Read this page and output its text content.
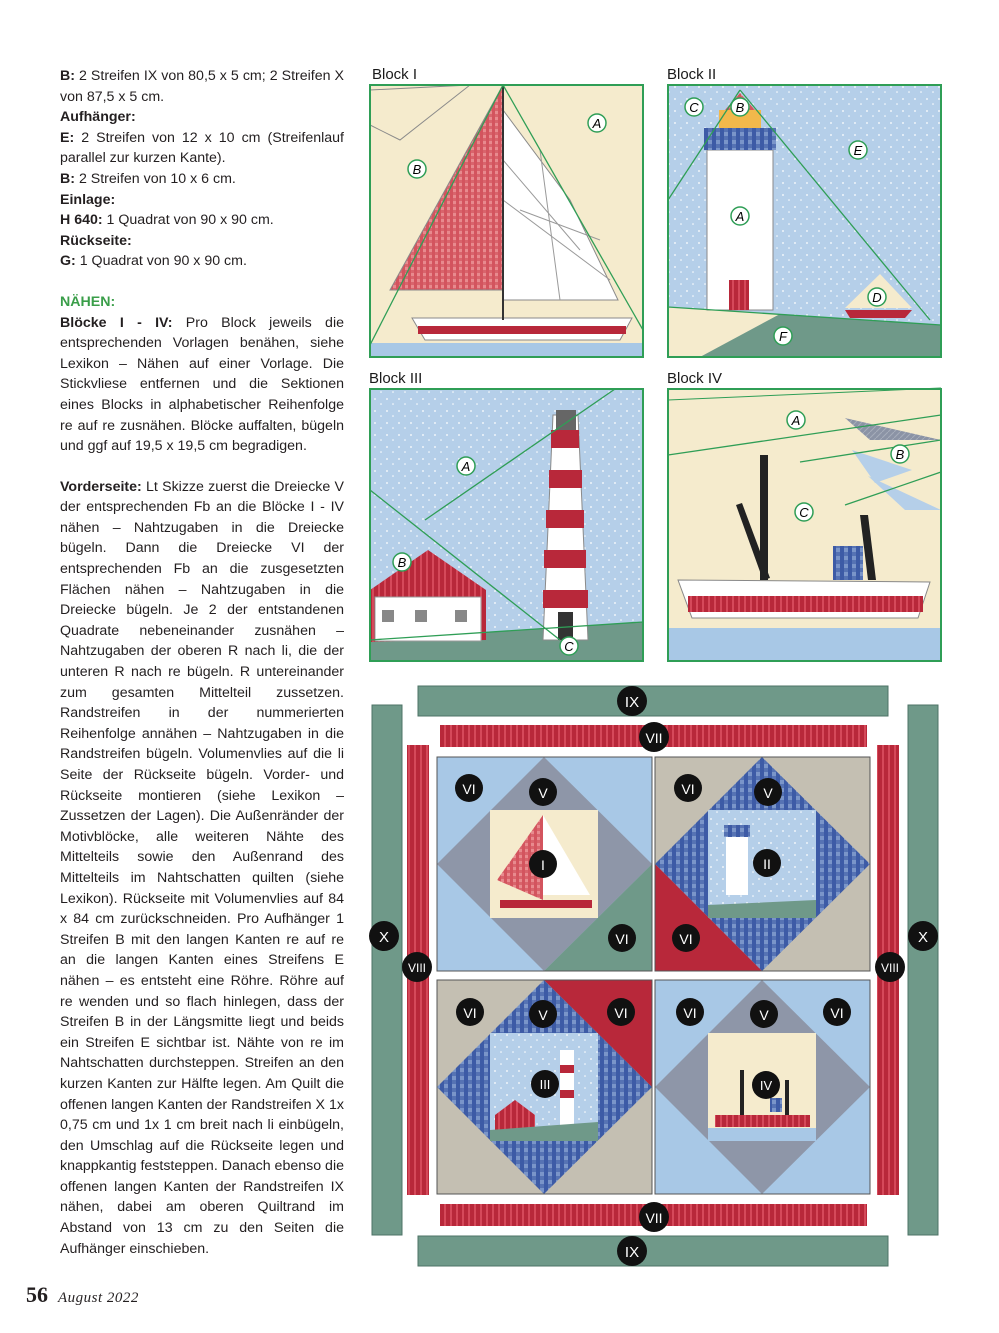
B: 2 Streifen IX von 80,5 x 5 cm; 2 Streifen X von 87,5 x 5 cm.

Aufhänger:

E: 2 Streifen von 12 x 10 cm (Streifenlauf parallel zur kurzen Kante).

B: 2 Streifen von 10 x 6 cm.

Einlage:

H 640: 1 Quadrat von 90 x 90 cm.

Rückseite:

G: 1 Quadrat von 90 x 90 cm.

NÄHEN:

Blöcke I - IV: Pro Block jeweils die entsprechenden Vorlagen benähen, siehe Lexikon – Nähen auf einer Vorlage. Die Stickvliese entfernen und die Sektionen eines Blocks in alphabetischer Reihenfolge re auf re zusnähen. Blöcke auffalten, bügeln und ggf auf 19,5 x 19,5 cm begradigen.

Vorderseite: Lt Skizze zuerst die Dreiecke V der entsprechenden Fb an die Blöcke I - IV nähen – Nahtzugaben in die Dreiecke bügeln. Dann die Dreiecke VI der entsprechenden Fb an die zusgesetzten Flächen nähen – Nahtzugaben in die Dreiecke bügeln. Je 2 der entstandenen Quadrate nebeneinander zusnähen – Nahtzugaben der oberen R nach li, die der unteren R nach re bügeln. R untereinander zum gesamten Mittelteil zussetzen. Randstreifen in der nummerierten Reihenfolge annähen – Nahtzugaben in die Randstreifen bügeln. Volumenvlies auf die li Seite der Rückseite bügeln. Vorder- und Rückseite montieren (siehe Lexikon – Zussetzen der Lagen). Die Außenränder der Motivblöcke, alle weiteren Nähte des Mittelteils sowie den Außenrand des Mittelteils im Nahtschatten quilten (siehe Lexikon). Rückseite mit Volumenvlies auf 84 x 84 cm zurückschneiden. Pro Aufhänger 1 Streifen B mit den langen Kanten re auf re an die langen Kanten eines Streifens E nähen – es entsteht eine Röhre. Röhre auf re wenden und so flach hinlegen, dass der Streifen B in der Längsmitte liegt und beids ein Streifen E sichtbar ist. Nähte von re im Nahtschatten durchsteppen. Streifen an den kurzen Kanten zur Hälfte legen. Am Quilt die offenen langen Kanten der Randstreifen X 1x 0,75 cm und 1x 1 cm breit nach li einbügeln, den Umschlag auf die Rückseite legen und knappkantig feststeppen. Danach ebenso die offenen langen Kanten der Randstreifen IX nähen, dabei am oberen Quiltrand im Abstand von 13 cm zu den Seiten die Aufhänger einschieben.

Block I	Block II
Block III	Block IV
A
B
C	B
E
A
D
F
A
B
C
A
B
C
IX
VII
X	X
VIII	VIII
VII
IX
VI	V
I
VI
VI	V
II
VI
VI	V	VI
III
VI	V	VI
IV
56 August 2022
